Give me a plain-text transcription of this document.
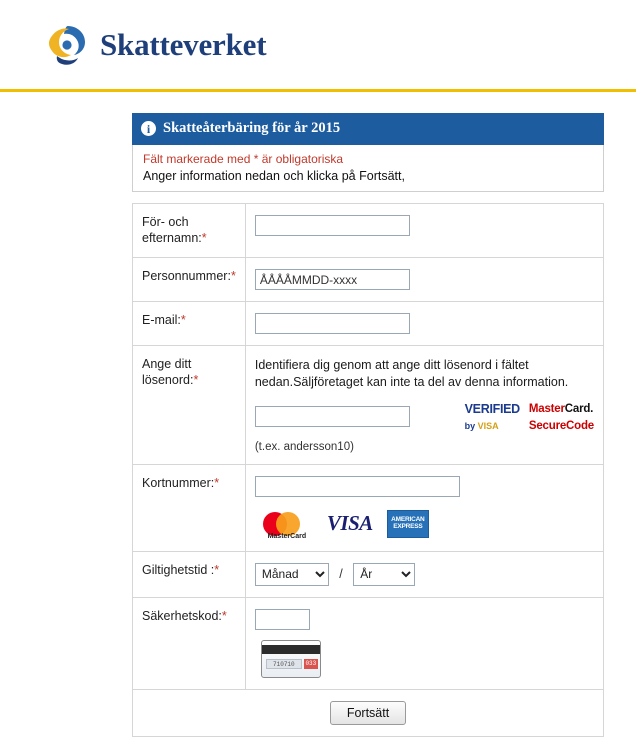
Skatteverket
i Skatteåterbäring för år 2015
Fält markerade med * är obligatoriska
Anger information nedan och klicka på Fortsätt,
För- och efternamn:*	
Personnummer:*	ÅÅÅÅMMDD-xxxx
E-mail:*	
Ange ditt lösenord:*	
Identifiera dig genom att ange ditt lösenord i fältet nedan.Säljföretaget kan inte ta del av denna information.
VERIFIED
by VISA
MasterCard.
SecureCode
(t.ex. andersson10)

Kortnummer:*	MasterCard
VISA AMERICAN EXPRESS

Giltighetstid :*	
Månad/
År
Säkerhetskod:*	710710 033

Fortsätt	
